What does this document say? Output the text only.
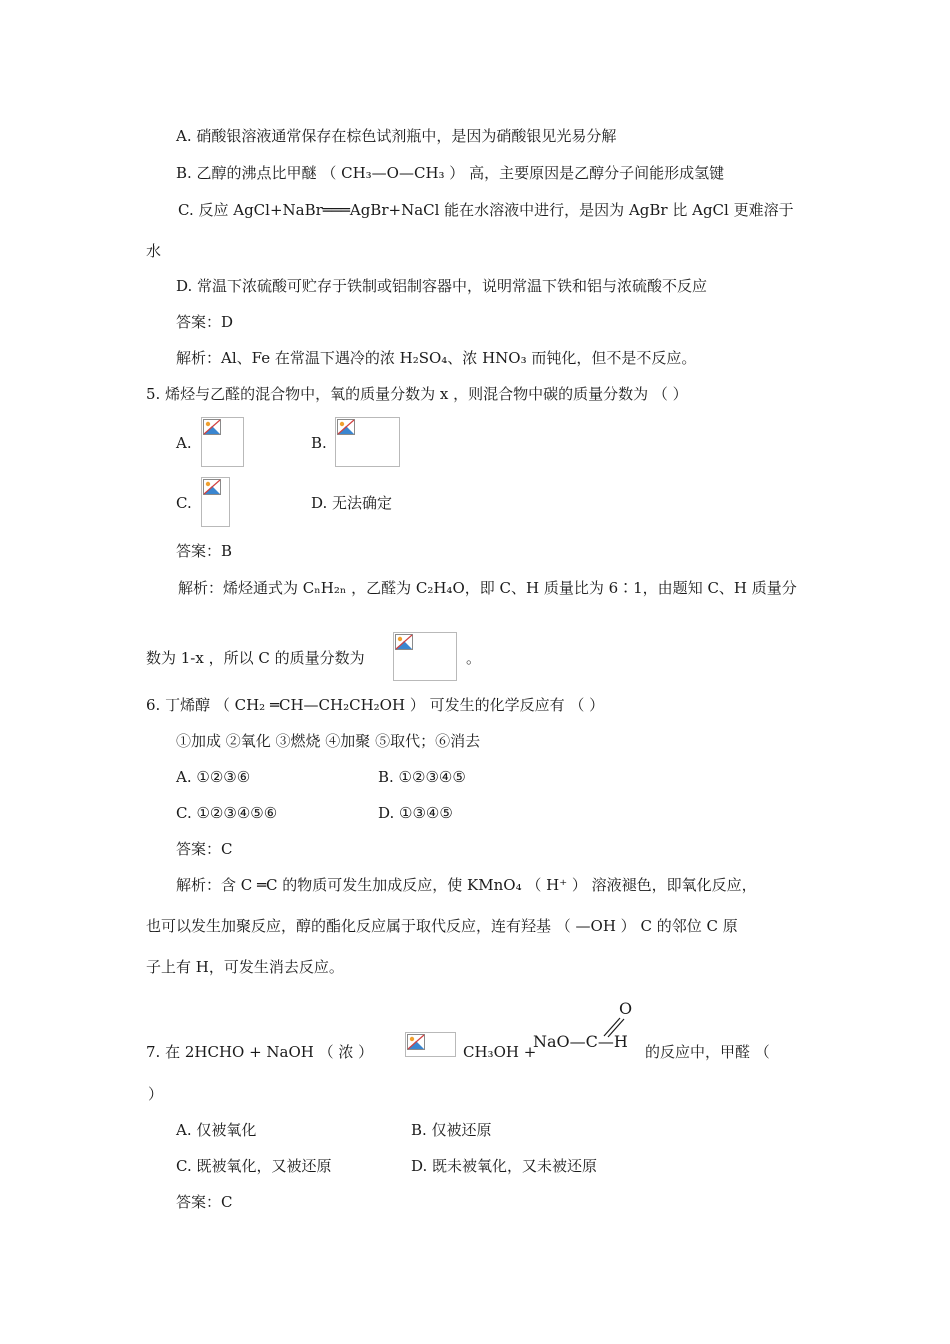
A. 硝酸银溶液通常保存在棕色试剂瓶中，是因为硝酸银见光易分解
B. 乙醇的沸点比甲醚 （ CH₃—O—CH₃ ） 高，主要原因是乙醇分子间能形成氢键
C. 反应 AgCl+NaBr═══AgBr+NaCl 能在水溶液中进行，是因为 AgBr 比 AgCl 更难溶于
水
D. 常温下浓硫酸可贮存于铁制或铝制容器中，说明常温下铁和铝与浓硫酸不反应
答案：D
解析：Al、Fe 在常温下遇冷的浓 H₂SO₄、浓 HNO₃ 而钝化，但不是不反应。
5. 烯烃与乙醛的混合物中，氧的质量分数为 x ，则混合物中碳的质量分数为 （ ）
A.	B.
C.	D. 无法确定
答案：B
解析：烯烃通式为 CₙH₂ₙ ，乙醛为 C₂H₄O，即 C、H 质量比为 6∶1，由题知 C、H 质量分
数为 1-x ，所以 C 的质量分数为	。
6. 丁烯醇 （ CH₂ ═CH—CH₂CH₂OH ） 可发生的化学反应有 （ ）
①加成 ②氧化 ③燃烧 ④加聚 ⑤取代；⑥消去
A. ①②③⑥	B. ①②③④⑤
C. ①②③④⑤⑥	D. ①③④⑤
答案：C
解析：含 C ═C 的物质可发生加成反应，使 KMnO₄ （ H⁺ ） 溶液褪色，即氧化反应，
也可以发生加聚反应，醇的酯化反应属于取代反应，连有羟基 （ —OH ） C 的邻位 C 原
子上有 H，可发生消去反应。
7. 在 2HCHO + NaOH （ 浓 ）	CH₃OH +
O
NaO—C—H
的反应中，甲醛 （
）
A. 仅被氧化	B. 仅被还原
C. 既被氧化，又被还原	D. 既未被氧化，又未被还原
答案：C
